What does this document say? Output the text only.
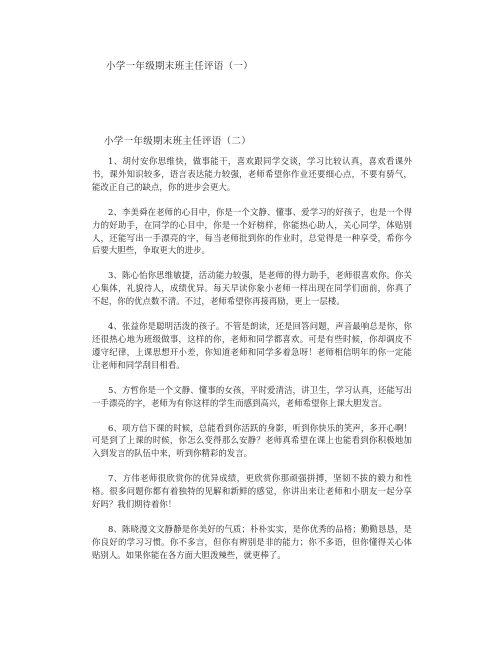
小学一年级期末班主任评语（一）
小学一年级期末班主任评语（二）

1、胡付安你思维快，做事能干，喜欢跟同学交谈，学习比较认真，喜欢看课外书，课外知识较多，语言表达能力较强，老师希望你作业还要细心点，不要有骄气，能改正自己的缺点，你的进步会更大。

2、李美舜在老师的心目中，你是一个文静、懂事、爱学习的好孩子，也是一个得力的好助手，在同学的心目中，你是一个好榜样，你能热心助人，关心同学，体贴别人，还能写出一手漂亮的字，每当老师批到你的作业时，总觉得是一种享受，希你今后要大胆些，争取更大的进步。

3、陈心怡你思维敏捷，活动能力较强，是老师的得力助手，老师很喜欢你。你关心集体，礼貌待人，成绩优异。每天早读你象小老师一样出现在同学们面前，你真了不起，你的优点数不清。不过，老师希望你再接再励，更上一层楼。

4、张益你是聪明活泼的孩子。不管是朗读，还是回答问题，声音最响总是你，你还很热心地为班级做事，这样的你，老师和同学都喜欢。可是有些时候，你却调皮不遵守纪律，上课思想开小差，你知道老师和同学多着急呀！老师相信明年的你一定能让老师和同学刮目相看。

5、方哲你是一个文静、懂事的女孩，平时爱清洁，讲卫生，学习认真，还能写出一手漂亮的字，老师为有你这样的学生而感到高兴，老师希望你上课大胆发言。

6、项方信下课的时候，总能看到你活跃的身影，听到你快乐的笑声，多开心啊！可是到了上课的时候，你怎么变得那么安静？老师真希望在课上也能看到你积极地加入到发言的队伍中来，听到你精彩的发言。

7、方伟老师很欣赏你的优异成绩，更欣赏你那顽强拼搏，坚韧不拔的毅力和性格。很多问题你都有着独特的见解和新鲜的感觉，你讲出来让老师和小朋友一起分享好吗？我们期待着你！

8、陈晓漫文文静静是你美好的气质；朴朴实实，是你优秀的品格；勤勤恳恳，是你良好的学习习惯。你不多言，但你有辨别是非的能力；你不多语，但你懂得关心体贴别人。如果你能在各方面大胆泼辣些，就更棒了。
